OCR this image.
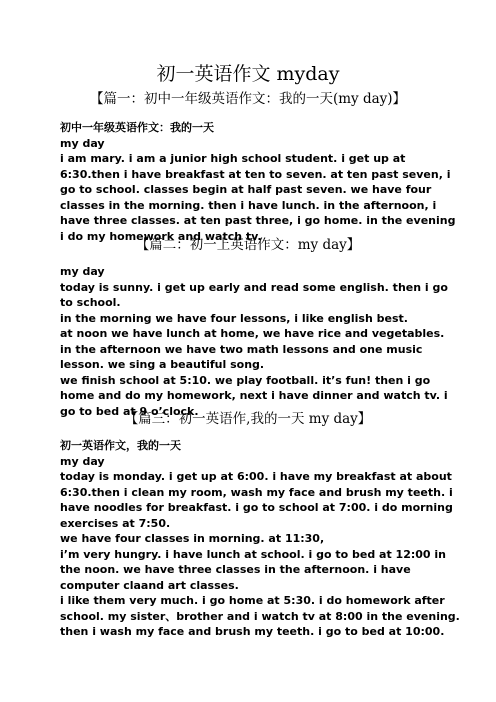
初一英语作文 myday
【篇一：初中一年级英语作文：我的一天(my day)】
初中一年级英语作文：我的一天
my day
i am mary. i am a junior high school student. i get up at
6:30.then i have breakfast at ten to seven. at ten past seven, i
go to school. classes begin at half past seven. we have four
classes in the morning. then i have lunch. in the afternoon, i
have three classes. at ten past three, i go home. in the evening
i do my homework and watch tv.
【篇二：初一上英语作文：my day】
my day
today is sunny. i get up early and read some english. then i go
to school.
in the morning we have four lessons, i like english best.
at noon we have lunch at home, we have rice and vegetables.
in the afternoon we have two math lessons and one music
lesson. we sing a beautiful song.
we finish school at 5:10. we play football. it’s fun! then i go
home and do my homework, next i have dinner and watch tv. i
go to bed at 9 o’clock.
【篇三：初一英语作,我的一天 my day】
初一英语作文，我的一天
my day
today is monday. i get up at 6:00. i have my breakfast at about
6:30.then i clean my room, wash my face and brush my teeth. i
have noodles for breakfast. i go to school at 7:00. i do morning
exercises at 7:50.
we have four classes in morning. at 11:30,
i’m very hungry. i have lunch at school. i go to bed at 12:00 in
the noon. we have three classes in the afternoon. i have
computer claand art classes.
i like them very much. i go home at 5:30. i do homework after
school. my sister、brother and i watch tv at 8:00 in the evening.
then i wash my face and brush my teeth. i go to bed at 10:00.
